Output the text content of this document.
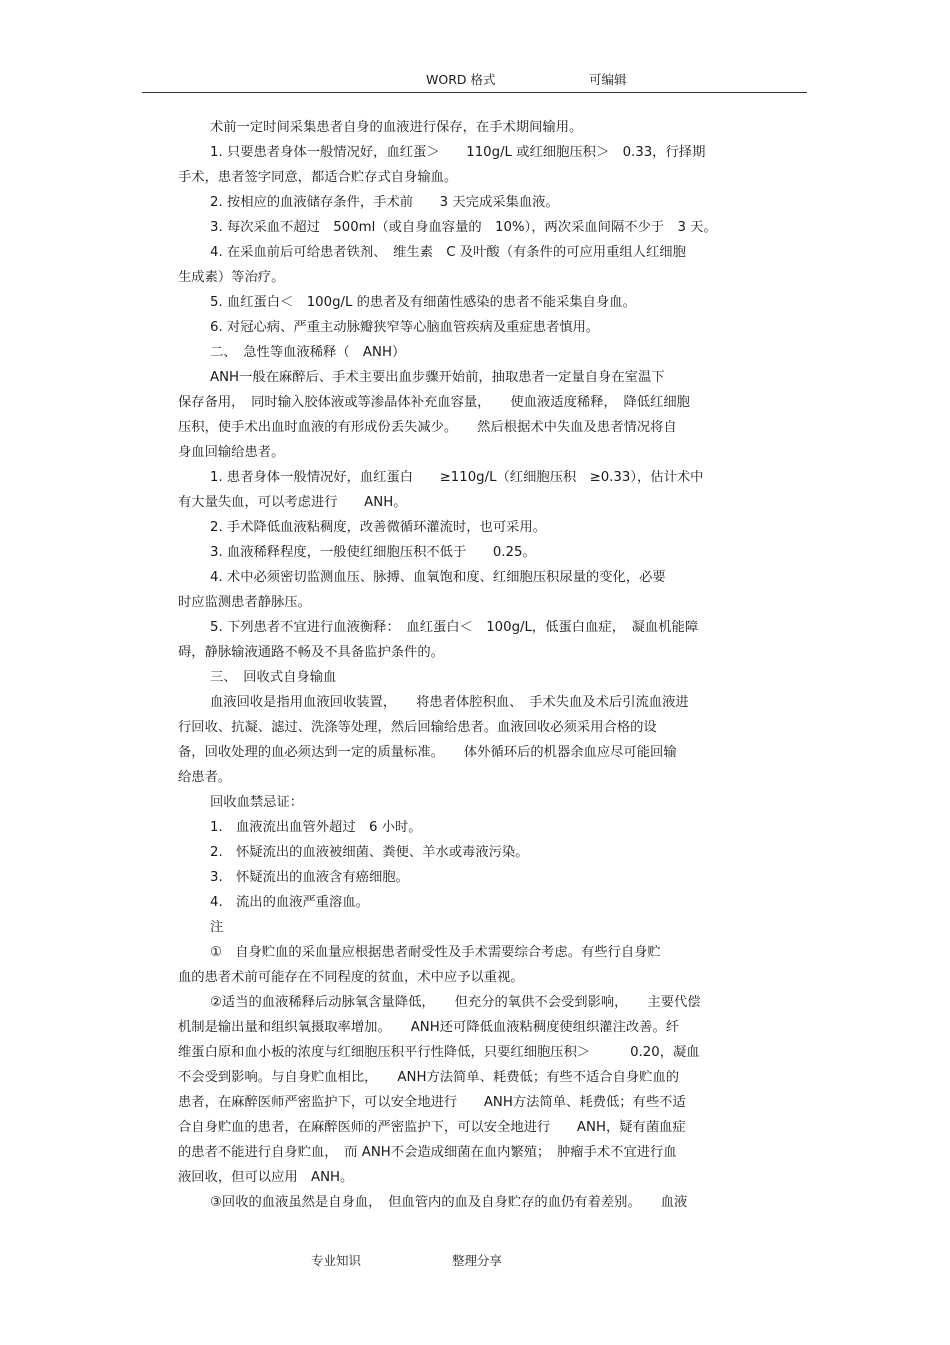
WORD 格式	可编辑
术前一定时间采集患者自身的血液进行保存，在手术期间输用。
1. 只要患者身体一般情况好，血红蛋＞　　110g/L 或红细胞压积＞　0.33，行择期
手术，患者签字同意，都适合贮存式自身输血。
2. 按相应的血液储存条件，手术前　　3 天完成采集血液。
3. 每次采血不超过　500ml（或自身血容量的　10%），两次采血间隔不少于　3 天。
4. 在采血前后可给患者铁剂、　维生素　C 及叶酸（有条件的可应用重组人红细胞
生成素）等治疗。
5. 血红蛋白＜　100g/L 的患者及有细菌性感染的患者不能采集自身血。
6. 对冠心病、严重主动脉瓣狭窄等心脑血管疾病及重症患者慎用。
二、　急性等血液稀释（　ANH）
ANH一般在麻醉后、手术主要出血步骤开始前，抽取患者一定量自身在室温下
保存备用，　同时输入胶体液或等渗晶体补充血容量，　　使血液适度稀释，　降低红细胞
压积，使手术出血时血液的有形成份丢失减少。　　然后根据术中失血及患者情况将自
身血回输给患者。
1. 患者身体一般情况好，血红蛋白　　≥110g/L（红细胞压积　≥0.33），估计术中
有大量失血，可以考虑进行　　ANH。
2. 手术降低血液粘稠度，改善微循环灌流时，也可采用。
3. 血液稀释程度，一般使红细胞压积不低于　　0.25。
4. 术中必须密切监测血压、脉搏、血氧饱和度、红细胞压积尿量的变化，必要
时应监测患者静脉压。
5. 下列患者不宜进行血液衡释：　血红蛋白＜　100g/L，低蛋白血症，　凝血机能障
碍，静脉输液通路不畅及不具备监护条件的。
三、　回收式自身输血
血液回收是指用血液回收装置，　　将患者体腔积血、　手术失血及术后引流血液进
行回收、抗凝、滤过、洗涤等处理，然后回输给患者。血液回收必须采用合格的设
备，回收处理的血必须达到一定的质量标准。　　体外循环后的机器余血应尽可能回输
给患者。
回收血禁忌证：
1.　血液流出血管外超过　6 小时。
2.　怀疑流出的血液被细菌、粪便、羊水或毒液污染。
3.　怀疑流出的血液含有癌细胞。
4.　流出的血液严重溶血。
注
①　自身贮血的采血量应根据患者耐受性及手术需要综合考虑。有些行自身贮
血的患者术前可能存在不同程度的贫血，术中应予以重视。
②适当的血液稀释后动脉氧含量降低，　　但充分的氧供不会受到影响，　　主要代偿
机制是输出量和组织氧摄取率增加。　　ANH还可降低血液粘稠度使组织灌注改善。纤
维蛋白原和血小板的浓度与红细胞压积平行性降低，只要红细胞压积＞　　　0.20，凝血
不会受到影响。与自身贮血相比，　　ANH方法简单、耗费低；有些不适合自身贮血的
患者，在麻醉医师严密监护下，可以安全地进行　　ANH方法简单、耗费低；有些不适
合自身贮血的患者，在麻醉医师的严密监护下，可以安全地进行　　ANH，疑有菌血症
的患者不能进行自身贮血，　而 ANH不会造成细菌在血内繁殖；　肿瘤手术不宜进行血
液回收，但可以应用　ANH。
③回收的血液虽然是自身血，　但血管内的血及自身贮存的血仍有着差别。　　血液
专业知识	整理分享
